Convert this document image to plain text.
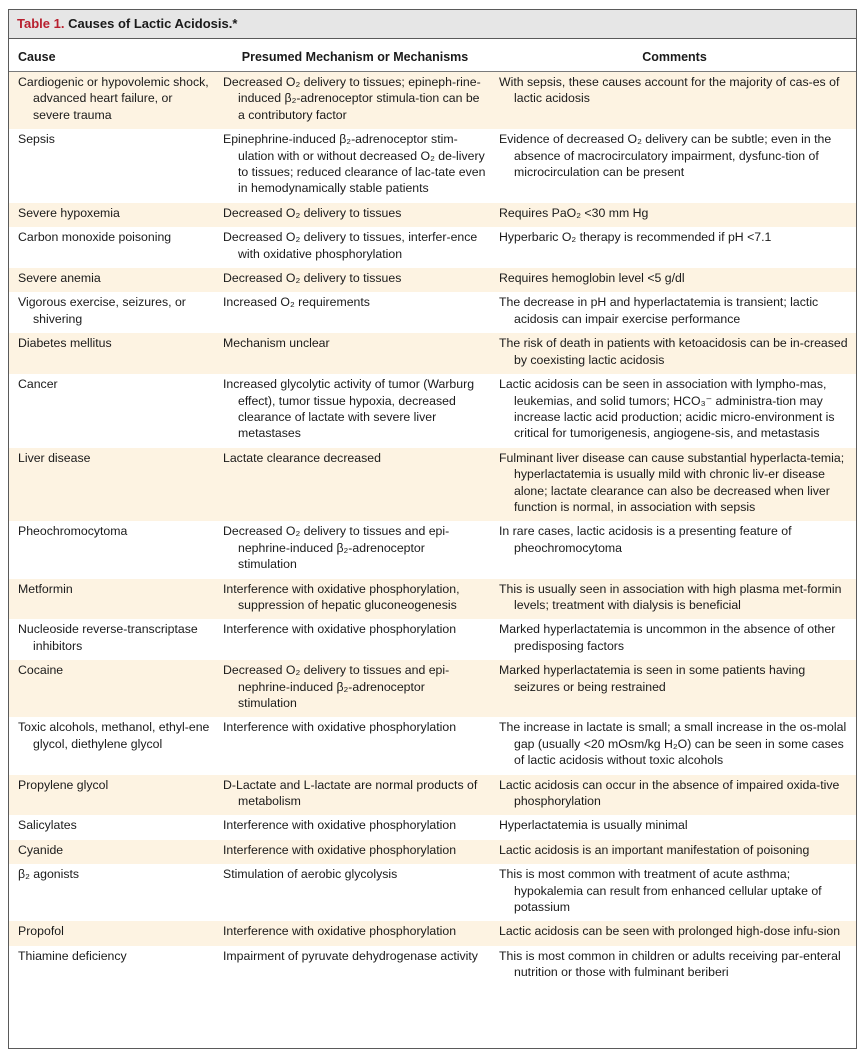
Table 1. Causes of Lactic Acidosis.*
Cause	Presumed Mechanism or Mechanisms	Comments

Cardiogenic or hypovolemic shock, advanced heart failure, or severe trauma	Decreased O₂ delivery to tissues; epineph-rine-induced β₂-adrenoceptor stimula-tion can be a contributory factor	With sepsis, these causes account for the majority of cas-es of lactic acidosis

Sepsis	Epinephrine-induced β₂-adrenoceptor stim-ulation with or without decreased O₂ de-livery to tissues; reduced clearance of lac-tate even in hemodynamically stable patients	Evidence of decreased O₂ delivery can be subtle; even in the absence of macrocirculatory impairment, dysfunc-tion of microcirculation can be present

Severe hypoxemia	Decreased O₂ delivery to tissues	Requires PaO₂ <30 mm Hg

Carbon monoxide poisoning	Decreased O₂ delivery to tissues, interfer-ence with oxidative phosphorylation	Hyperbaric O₂ therapy is recommended if pH <7.1

Severe anemia	Decreased O₂ delivery to tissues	Requires hemoglobin level <5 g/dl

Vigorous exercise, seizures, or shivering	Increased O₂ requirements	The decrease in pH and hyperlactatemia is transient; lactic acidosis can impair exercise performance

Diabetes mellitus	Mechanism unclear	The risk of death in patients with ketoacidosis can be in-creased by coexisting lactic acidosis

Cancer	Increased glycolytic activity of tumor (Warburg effect), tumor tissue hypoxia, decreased clearance of lactate with severe liver metastases	Lactic acidosis can be seen in association with lympho-mas, leukemias, and solid tumors; HCO₃⁻ administra-tion may increase lactic acid production; acidic micro-environment is critical for tumorigenesis, angiogene-sis, and metastasis

Liver disease	Lactate clearance decreased	Fulminant liver disease can cause substantial hyperlacta-temia; hyperlactatemia is usually mild with chronic liv-er disease alone; lactate clearance can also be decreased when liver function is normal, in association with sepsis

Pheochromocytoma	Decreased O₂ delivery to tissues and epi-nephrine-induced β₂-adrenoceptor stimulation	In rare cases, lactic acidosis is a presenting feature of pheochromocytoma

Metformin	Interference with oxidative phosphorylation, suppression of hepatic gluconeogenesis	This is usually seen in association with high plasma met-formin levels; treatment with dialysis is beneficial

Nucleoside reverse-transcriptase inhibitors	Interference with oxidative phosphorylation	Marked hyperlactatemia is uncommon in the absence of other predisposing factors

Cocaine	Decreased O₂ delivery to tissues and epi-nephrine-induced β₂-adrenoceptor stimulation	Marked hyperlactatemia is seen in some patients having seizures or being restrained

Toxic alcohols, methanol, ethyl-ene glycol, diethylene glycol	Interference with oxidative phosphorylation	The increase in lactate is small; a small increase in the os-molal gap (usually <20 mOsm/kg H₂O) can be seen in some cases of lactic acidosis without toxic alcohols

Propylene glycol	D-Lactate and L-lactate are normal products of metabolism	Lactic acidosis can occur in the absence of impaired oxida-tive phosphorylation

Salicylates	Interference with oxidative phosphorylation	Hyperlactatemia is usually minimal

Cyanide	Interference with oxidative phosphorylation	Lactic acidosis is an important manifestation of poisoning

β₂ agonists	Stimulation of aerobic glycolysis	This is most common with treatment of acute asthma; hypokalemia can result from enhanced cellular uptake of potassium

Propofol	Interference with oxidative phosphorylation	Lactic acidosis can be seen with prolonged high-dose infu-sion

Thiamine deficiency	Impairment of pyruvate dehydrogenase activity	This is most common in children or adults receiving par-enteral nutrition or those with fulminant beriberi
